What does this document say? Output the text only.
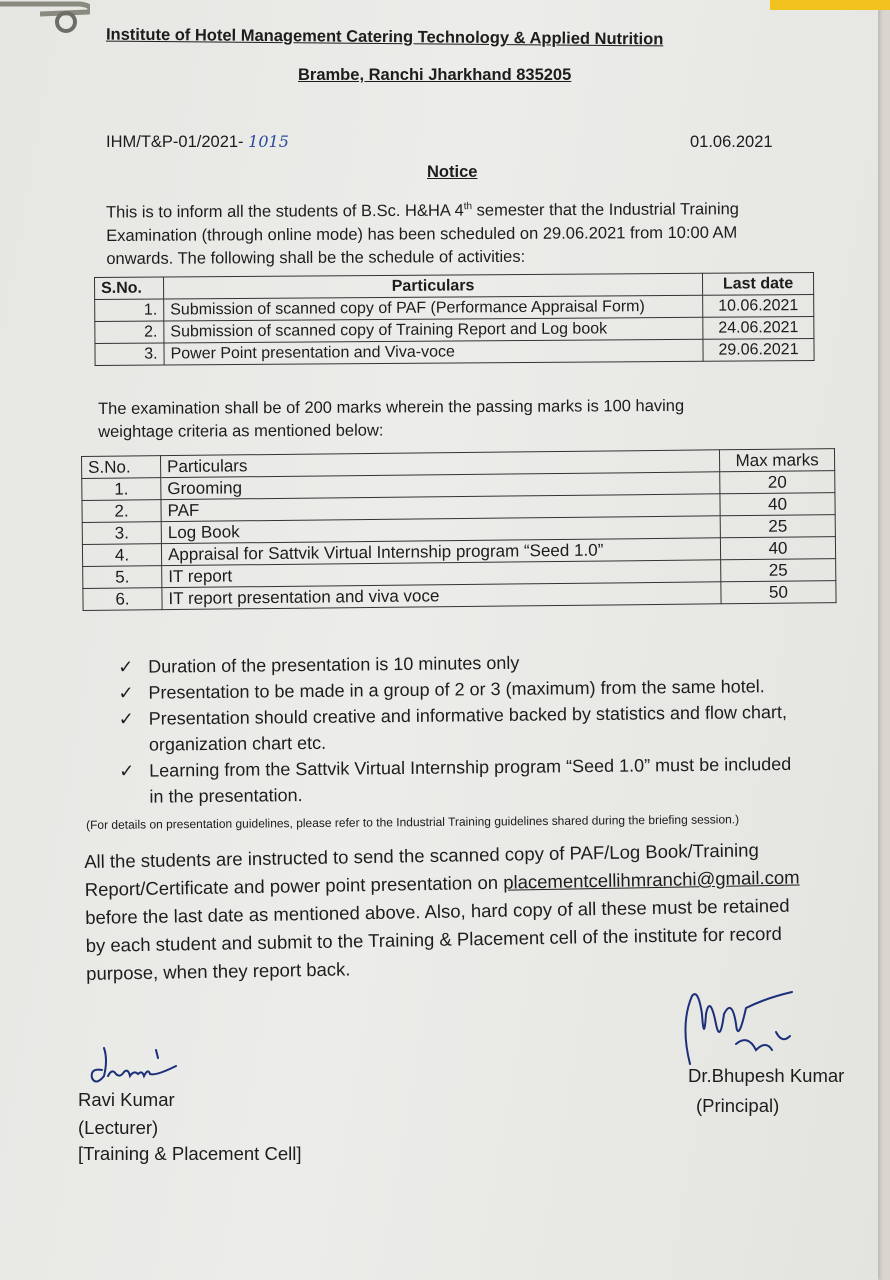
Institute of Hotel Management Catering Technology & Applied Nutrition
Brambe, Ranchi Jharkhand 835205
IHM/T&P-01/2021- 1015	01.06.2021
Notice
This is to inform all the students of B.Sc. H&HA 4th semester that the Industrial Training
Examination (through online mode) has been scheduled on 29.06.2021 from 10:00 AM
onwards. The following shall be the schedule of activities:
S.No.	Particulars	Last date
1.	Submission of scanned copy of PAF (Performance Appraisal Form)	10.06.2021
2.	Submission of scanned copy of Training Report and Log book	24.06.2021
3.	Power Point presentation and Viva-voce	29.06.2021
The examination shall be of 200 marks wherein the passing marks is 100 having
weightage criteria as mentioned below:
S.No.	Particulars	Max marks
1.	Grooming	20
2.	PAF	40
3.	Log Book	25
4.	Appraisal for Sattvik Virtual Internship program “Seed 1.0”	40
5.	IT report	25
6.	IT report presentation and viva voce	50
✓ Duration of the presentation is 10 minutes only
✓ Presentation to be made in a group of 2 or 3 (maximum) from the same hotel.
✓ Presentation should creative and informative backed by statistics and flow chart,
organization chart etc.
✓ Learning from the Sattvik Virtual Internship program “Seed 1.0” must be included
in the presentation.
(For details on presentation guidelines, please refer to the Industrial Training guidelines shared during the briefing session.)
All the students are instructed to send the scanned copy of PAF/Log Book/Training
Report/Certificate and power point presentation on placementcellihmranchi@gmail.com
before the last date as mentioned above. Also, hard copy of all these must be retained
by each student and submit to the Training & Placement cell of the institute for record
purpose, when they report back.
Ravi Kumar
(Lecturer)
[Training & Placement Cell]
Dr.Bhupesh Kumar
(Principal)
